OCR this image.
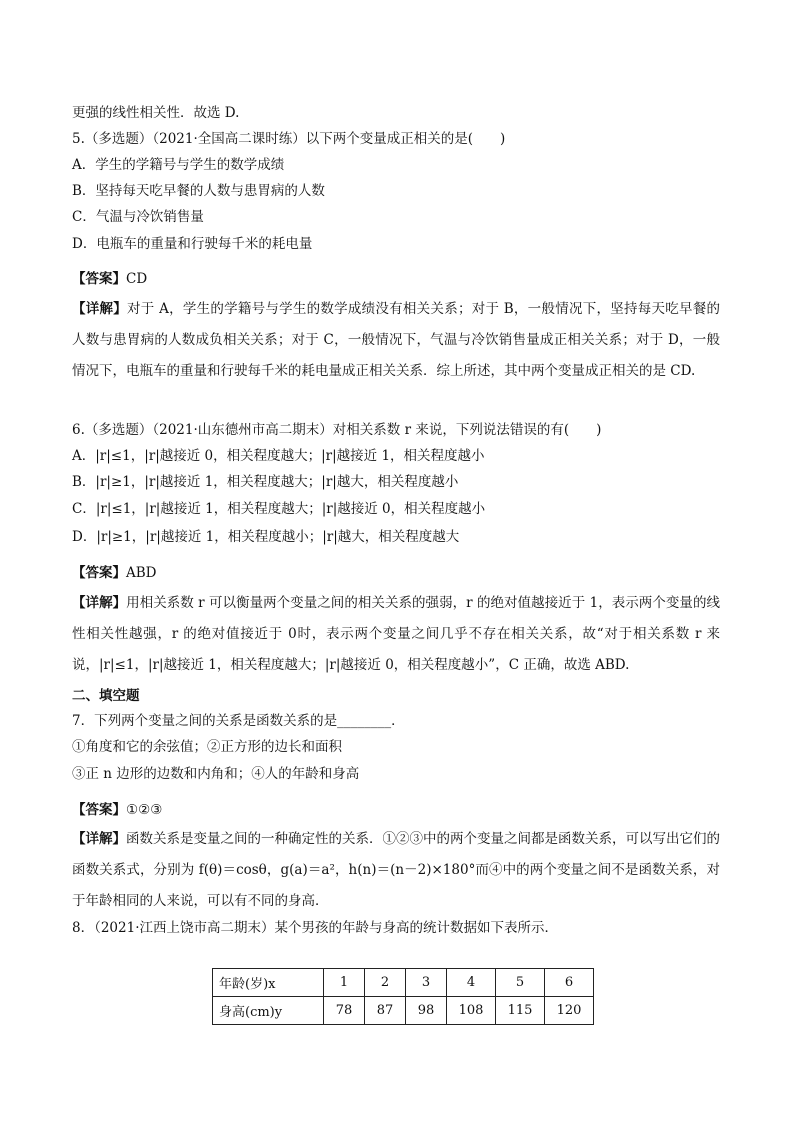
更强的线性相关性．故选 D.
5.（多选题）（2021·全国高二课时练）以下两个变量成正相关的是(　　)
A．学生的学籍号与学生的数学成绩
B．坚持每天吃早餐的人数与患胃病的人数
C．气温与冷饮销售量
D．电瓶车的重量和行驶每千米的耗电量
【答案】CD
【详解】对于 A，学生的学籍号与学生的数学成绩没有相关关系；对于 B，一般情况下，坚持每天吃早餐的人数与患胃病的人数成负相关关系；对于 C，一般情况下，气温与冷饮销售量成正相关关系；对于 D，一般情况下，电瓶车的重量和行驶每千米的耗电量成正相关关系．综上所述，其中两个变量成正相关的是 CD.
6.（多选题）（2021·山东德州市高二期末）对相关系数 r 来说，下列说法错误的有(　　)
A．|r|≤1，|r|越接近 0，相关程度越大；|r|越接近 1，相关程度越小
B．|r|≥1，|r|越接近 1，相关程度越大；|r|越大，相关程度越小
C．|r|≤1，|r|越接近 1，相关程度越大；|r|越接近 0，相关程度越小
D．|r|≥1，|r|越接近 1，相关程度越小；|r|越大，相关程度越大
【答案】ABD
【详解】用相关系数 r 可以衡量两个变量之间的相关关系的强弱，r 的绝对值越接近于 1，表示两个变量的线性相关性越强，r 的绝对值接近于 0时，表示两个变量之间几乎不存在相关关系，故“对于相关系数 r 来说，|r|≤1，|r|越接近 1，相关程度越大；|r|越接近 0，相关程度越小”，C 正确，故选 ABD.
二、填空题
7．下列两个变量之间的关系是函数关系的是________．
①角度和它的余弦值；②正方形的边长和面积
③正 n 边形的边数和内角和；④人的年龄和身高
【答案】①②③
【详解】函数关系是变量之间的一种确定性的关系．①②③中的两个变量之间都是函数关系，可以写出它们的函数关系式，分别为 f(θ)＝cosθ，g(a)＝a²，h(n)＝(n－2)×180°而④中的两个变量之间不是函数关系，对于年龄相同的人来说，可以有不同的身高．
8．（2021·江西上饶市高二期末）某个男孩的年龄与身高的统计数据如下表所示．
年龄(岁)x	1	2	3	4	5	6
身高(cm)y	78	87	98	108	115	120
